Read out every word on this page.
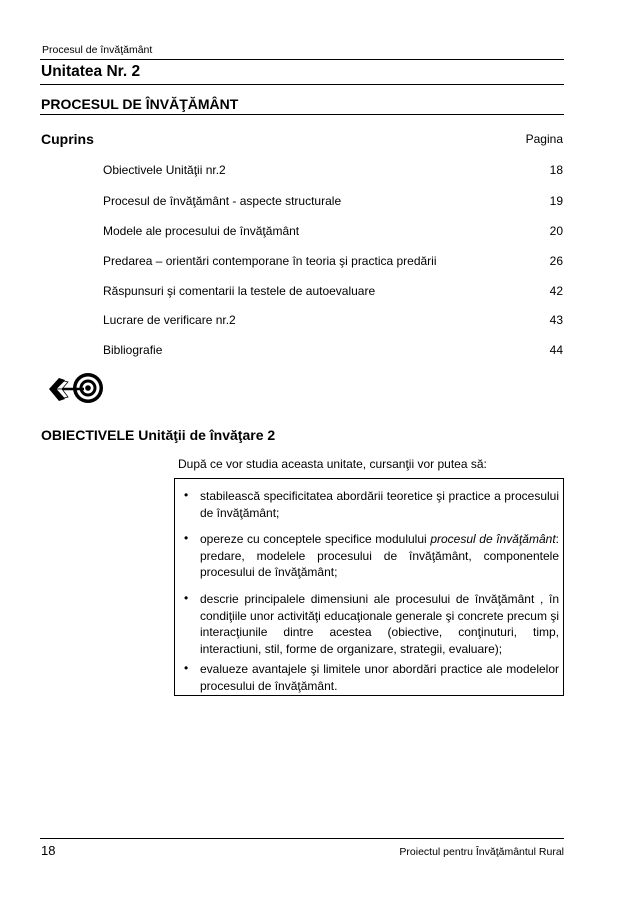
Procesul de învăţământ
Unitatea Nr. 2
PROCESUL DE ÎNVĂŢĂMÂNT
Cuprins	Pagina
Obiectivele Unităţii nr.2	18
Procesul de învăţământ - aspecte structurale	19
Modele ale procesului de învăţământ	20
Predarea – orientări contemporane în teoria şi practica predării	26
Răspunsuri şi comentarii la testele de autoevaluare	42
Lucrare de verificare nr.2	43
Bibliografie	44
OBIECTIVELE Unităţii de învăţare 2
După ce vor studia aceasta unitate, cursanţii vor putea să:
• stabilească specificitatea abordării teoretice şi practice a procesului de învăţământ;
• opereze cu conceptele specifice modulului procesul de învăţământ: predare, modelele procesului de învăţământ, componentele procesului de învăţământ;
• descrie principalele dimensiuni ale procesului de învăţământ , în condiţiile unor activităţi educaţionale generale şi concrete precum şi interacţiunile dintre acestea (obiective, conţinuturi, timp, interactiuni, stil, forme de organizare, strategii, evaluare);
• evalueze avantajele şi limitele unor abordări practice ale modelelor procesului de învăţământ.
18	Proiectul pentru Învăţământul Rural
